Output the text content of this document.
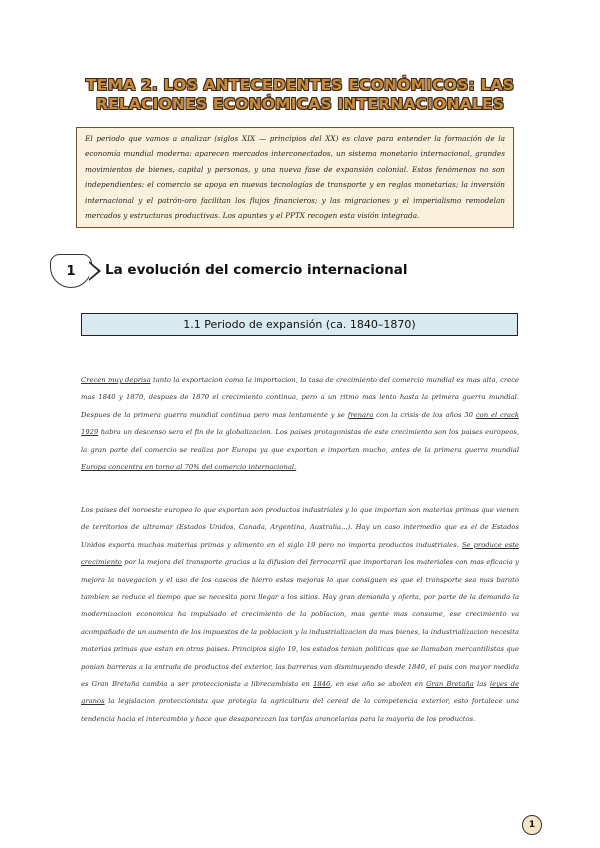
TEMA 2. LOS ANTECEDENTES ECONÓMICOS: LAS RELACIONES ECONÓMICAS INTERNACIONALES
El periodo que vamos a analizar (siglos XIX — principios del XX) es clave para entender la formación de la economía mundial moderna: aparecen mercados interconectados, un sistema monetario internacional, grandes movimientos de bienes, capital y personas, y una nueva fase de expansión colonial. Estos fenómenos no son independientes: el comercio se apoya en nuevas tecnologías de transporte y en reglas monetarias; la inversión internacional y el patrón-oro facilitan los flujos financieros; y las migraciones y el imperialismo remodelan mercados y estructuras productivas. Los apuntes y el PPTX recogen esta visión integrada.
1	La evolución del comercio internacional
1.1 Periodo de expansión (ca. 1840–1870)

Crecen muy deprisa tanto la exportacion como la importacion, la tasa de crecimiento del comercio mundial es mas alta, crece mas 1840 y 1870, despues de 1870 el crecimiento continua, pero a un ritmo mas lento hasta la primera guerra mundial. Despues de la primera guerra mundial continua pero mas lentamente y se frenara con la crisis de los años 30 con el crack 1929 habra un descenso sera el fin de la globalizacion. Los paises protagonistas de este crecimiento son los paises europeos, la gran parte del comercio se realiza por Europa ya que exportan e importan mucho, antes de la primera guerra mundial Europa concentra en torno al 70% del comercio internacional.

Los paises del noroeste europeo lo que exportan son productos industriales y lo que importan son materias primas que vienen de territorios de ultramar (Estados Unidos, Canada, Argentina, Australia...). Hay un caso intermedio que es el de Estados Unidos exporta muchas materias primas y alimento en el siglo 19 pero no importa productos industriales. Se produce este crecimiento por la mejora del transporte gracias a la difusion del ferrocarril que importaran los materiales con mas eficacia y mejora la navegacion y el uso de los cascos de hierro estas mejoras lo que consiguen es que el transporte sea mas barato tambien se reduce el tiempo que se necesita para llegar a los sitios. Hay gran demanda y oferta, por parte de la demanda la modernizacion economica ha impulsado el crecimiento de la poblacion, mas gente mas consume, ese crecimiento va acompañado de un aumento de los impuestos de la poblacion y la industrializacion da mas bienes, la industrializacion necesita materias primas que estan en otros paises. Principios siglo 19, los estados tenian politicas que se llamaban mercantilistas que ponian barreras a la entrada de productos del exterior, las barreras van disminuyendo desde 1840, el pais con mayor medida es Gran Bretaña cambia a ser proteccionista a librecambista en 1846, en ese año se abolen en Gran Bretaña las leyes de granos la legislacion proteccionista que protegia la agricultura del cereal de la competencia exterior, esto fortalece una tendencia hacia el intercambio y hace que desaparezcan las tarifas arancelarias para la mayoria de los productos.

1
